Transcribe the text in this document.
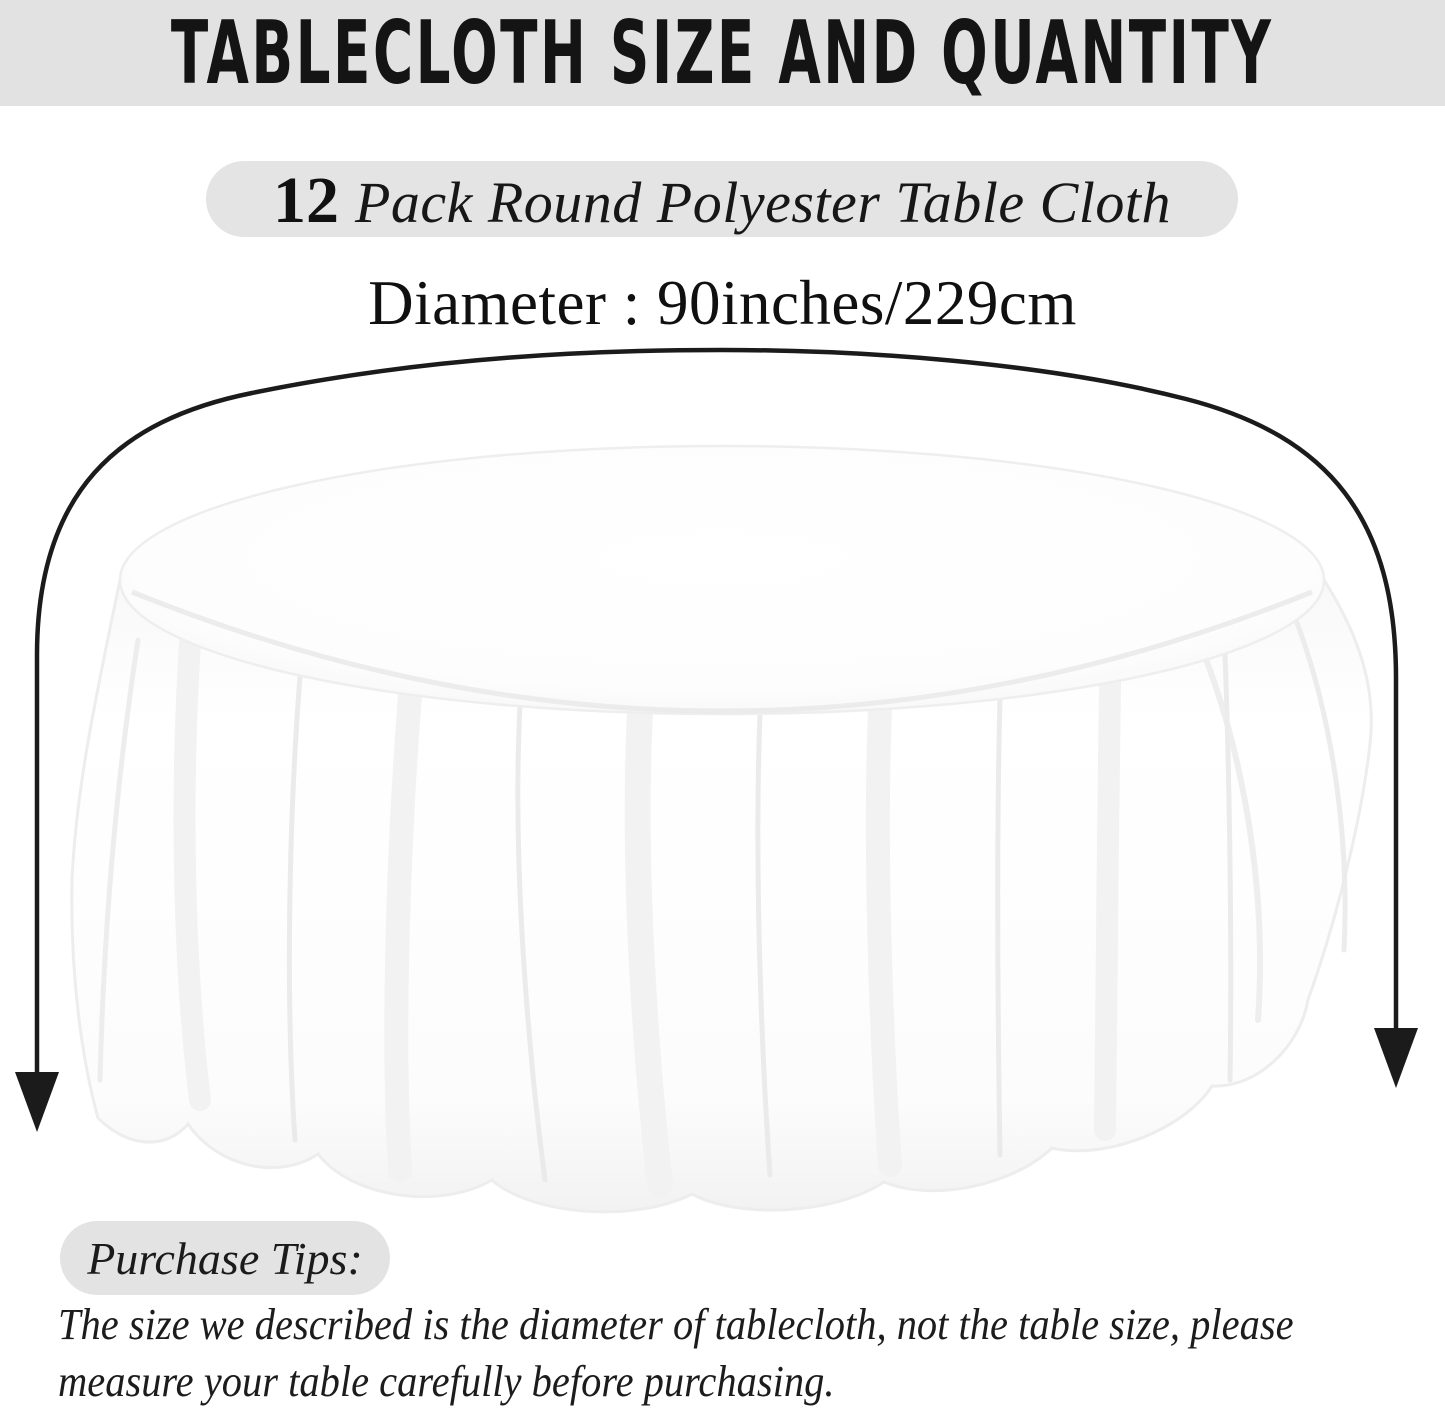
TABLECLOTH SIZE AND QUANTITY
12 Pack Round Polyester Table Cloth
Diameter : 90inches/229cm
Purchase Tips:

The size we described is the diameter of tablecloth, not the table size, please
measure your table carefully before purchasing.
